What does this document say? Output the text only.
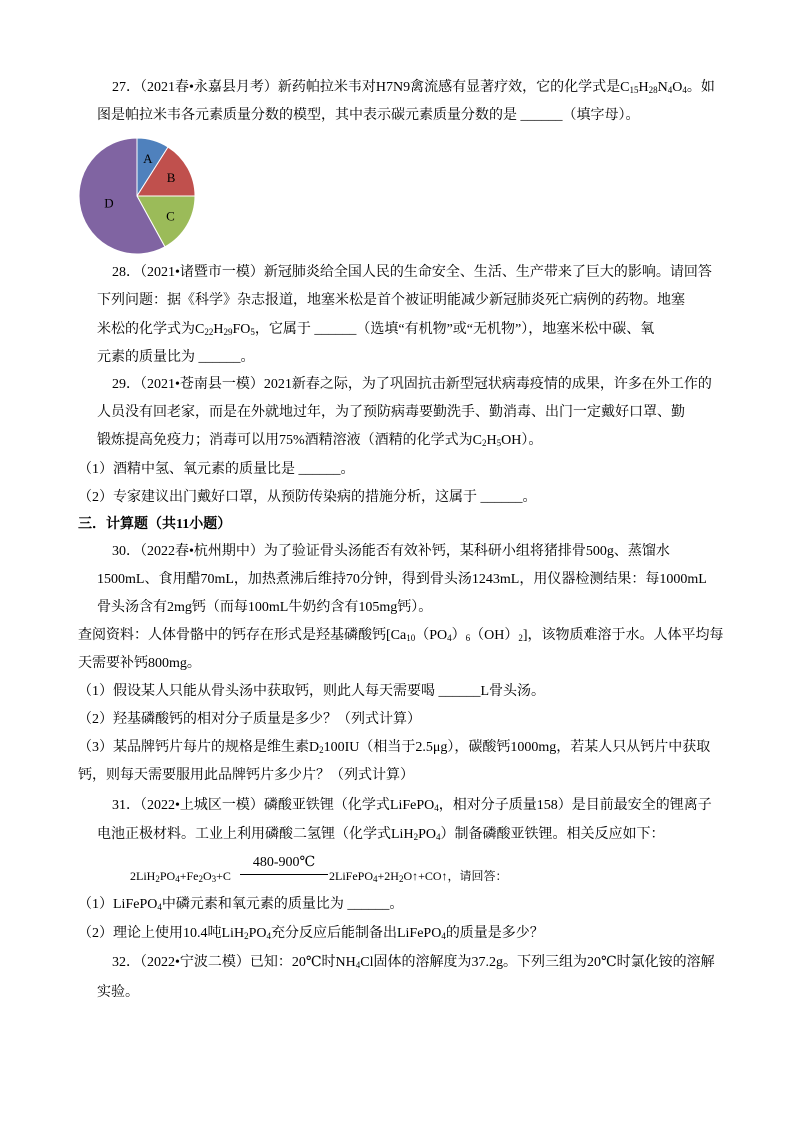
27．（2021春•永嘉县月考）新药帕拉米韦对H7N9禽流感有显著疗效，它的化学式是$C_{15}H_{28}N_4O_4$。如
图是帕拉米韦各元素质量分数的模型，其中表示碳元素质量分数的是 ______（填字母）。
A
B
C
D
28．（2021•诸暨市一模）新冠肺炎给全国人民的生命安全、生活、生产带来了巨大的影响。请回答
下列问题：据《科学》杂志报道，地塞米松是首个被证明能减少新冠肺炎死亡病例的药物。地塞
米松的化学式为$C_{22}H_{29}FO_5$，它属于 ______（选填“有机物”或“无机物”），地塞米松中碳、氧
元素的质量比为 ______。
29．（2021•苍南县一模）2021新春之际，为了巩固抗击新型冠状病毒疫情的成果，许多在外工作的
人员没有回老家，而是在外就地过年，为了预防病毒要勤洗手、勤消毒、出门一定戴好口罩、勤
锻炼提高免疫力；消毒可以用75%酒精溶液（酒精的化学式为$C_2H_5OH$）。
（1）酒精中氢、氧元素的质量比是 ______。
（2）专家建议出门戴好口罩，从预防传染病的措施分析，这属于 ______。
三．计算题（共11小题）
30．（2022春•杭州期中）为了验证骨头汤能否有效补钙，某科研小组将猪排骨500g、蒸馏水
1500mL、食用醋70mL，加热煮沸后维持70分钟，得到骨头汤1243mL，用仪器检测结果：每1000mL
骨头汤含有2mg钙（而每100mL牛奶约含有105mg钙）。
查阅资料：人体骨骼中的钙存在形式是羟基磷酸钙$[Ca_{10}(PO_4)_6(OH)_2]$，该物质难溶于水。人体平均每
天需要补钙800mg。
（1）假设某人只能从骨头汤中获取钙，则此人每天需要喝 ______L骨头汤。
（2）羟基磷酸钙的相对分子质量是多少？（列式计算）
（3）某品牌钙片每片的规格是维生素$D_2100IU$（相当于2.5μg），碳酸钙1000mg，若某人只从钙片中获取
钙，则每天需要服用此品牌钙片多少片？（列式计算）
31．（2022•上城区一模）磷酸亚铁锂（化学式LiFePO$_4$，相对分子质量158）是目前最安全的锂离子
电池正极材料。工业上利用磷酸二氢锂（化学式$LiH_2PO_4$）制备磷酸亚铁锂。相关反应如下：
$2LiH_2PO_4+Fe_2O_3+C$
480-900℃
$2LiFePO_4+2H_2O↑+CO↑$，请回答：
（1）LiFePO$_4$中磷元素和氧元素的质量比为 ______。
（2）理论上使用10.4吨$LiH_2PO_4$充分反应后能制备出LiFePO$_4$的质量是多少？
32．（2022•宁波二模）已知：20℃时$NH_4Cl$固体的溶解度为37.2g。下列三组为20℃时氯化铵的溶解
实验。
